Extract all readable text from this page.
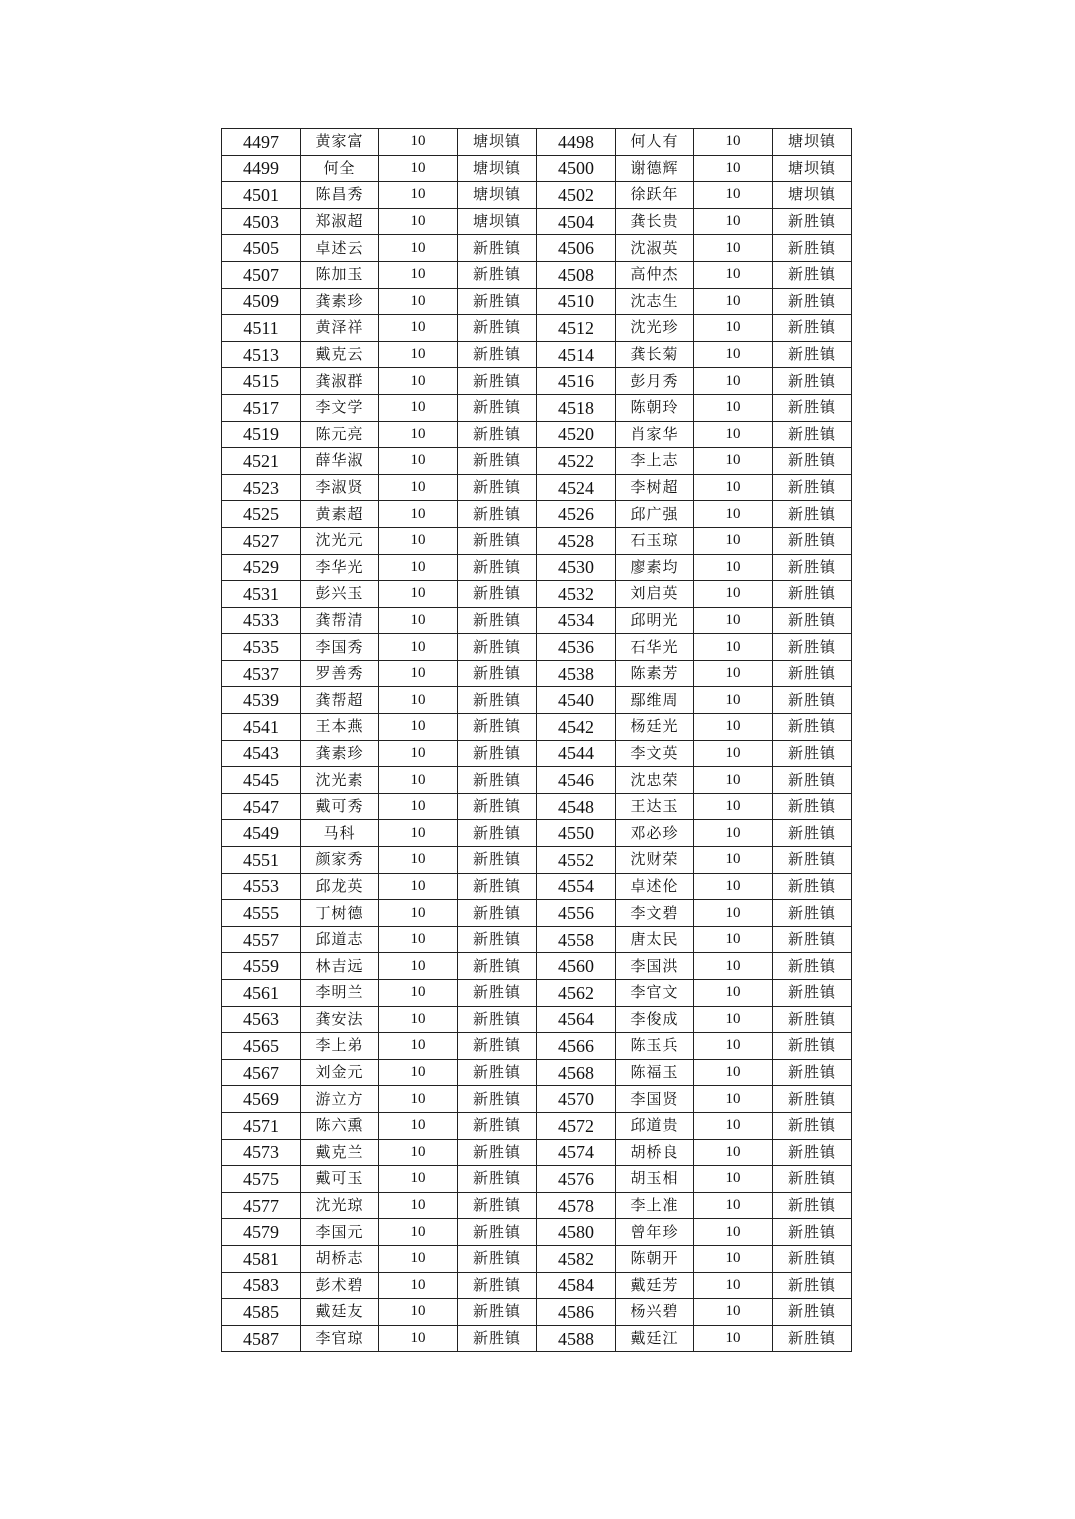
4497	黄家富	10	塘坝镇	4498	何人有	10	塘坝镇
4499	何全	10	塘坝镇	4500	谢德辉	10	塘坝镇
4501	陈昌秀	10	塘坝镇	4502	徐跃年	10	塘坝镇
4503	郑淑超	10	塘坝镇	4504	龚长贵	10	新胜镇
4505	卓述云	10	新胜镇	4506	沈淑英	10	新胜镇
4507	陈加玉	10	新胜镇	4508	高仲杰	10	新胜镇
4509	龚素珍	10	新胜镇	4510	沈志生	10	新胜镇
4511	黄泽祥	10	新胜镇	4512	沈光珍	10	新胜镇
4513	戴克云	10	新胜镇	4514	龚长菊	10	新胜镇
4515	龚淑群	10	新胜镇	4516	彭月秀	10	新胜镇
4517	李文学	10	新胜镇	4518	陈朝玲	10	新胜镇
4519	陈元亮	10	新胜镇	4520	肖家华	10	新胜镇
4521	薛华淑	10	新胜镇	4522	李上志	10	新胜镇
4523	李淑贤	10	新胜镇	4524	李树超	10	新胜镇
4525	黄素超	10	新胜镇	4526	邱广强	10	新胜镇
4527	沈光元	10	新胜镇	4528	石玉琼	10	新胜镇
4529	李华光	10	新胜镇	4530	廖素均	10	新胜镇
4531	彭兴玉	10	新胜镇	4532	刘启英	10	新胜镇
4533	龚帮清	10	新胜镇	4534	邱明光	10	新胜镇
4535	李国秀	10	新胜镇	4536	石华光	10	新胜镇
4537	罗善秀	10	新胜镇	4538	陈素芳	10	新胜镇
4539	龚帮超	10	新胜镇	4540	鄢维周	10	新胜镇
4541	王本燕	10	新胜镇	4542	杨廷光	10	新胜镇
4543	龚素珍	10	新胜镇	4544	李文英	10	新胜镇
4545	沈光素	10	新胜镇	4546	沈忠荣	10	新胜镇
4547	戴可秀	10	新胜镇	4548	王达玉	10	新胜镇
4549	马科	10	新胜镇	4550	邓必珍	10	新胜镇
4551	颜家秀	10	新胜镇	4552	沈财荣	10	新胜镇
4553	邱龙英	10	新胜镇	4554	卓述伦	10	新胜镇
4555	丁树德	10	新胜镇	4556	李文碧	10	新胜镇
4557	邱道志	10	新胜镇	4558	唐太民	10	新胜镇
4559	林吉远	10	新胜镇	4560	李国洪	10	新胜镇
4561	李明兰	10	新胜镇	4562	李官文	10	新胜镇
4563	龚安法	10	新胜镇	4564	李俊成	10	新胜镇
4565	李上弟	10	新胜镇	4566	陈玉兵	10	新胜镇
4567	刘金元	10	新胜镇	4568	陈福玉	10	新胜镇
4569	游立方	10	新胜镇	4570	李国贤	10	新胜镇
4571	陈六熏	10	新胜镇	4572	邱道贵	10	新胜镇
4573	戴克兰	10	新胜镇	4574	胡桥良	10	新胜镇
4575	戴可玉	10	新胜镇	4576	胡玉相	10	新胜镇
4577	沈光琼	10	新胜镇	4578	李上准	10	新胜镇
4579	李国元	10	新胜镇	4580	曾年珍	10	新胜镇
4581	胡桥志	10	新胜镇	4582	陈朝开	10	新胜镇
4583	彭术碧	10	新胜镇	4584	戴廷芳	10	新胜镇
4585	戴廷友	10	新胜镇	4586	杨兴碧	10	新胜镇
4587	李官琼	10	新胜镇	4588	戴廷江	10	新胜镇
